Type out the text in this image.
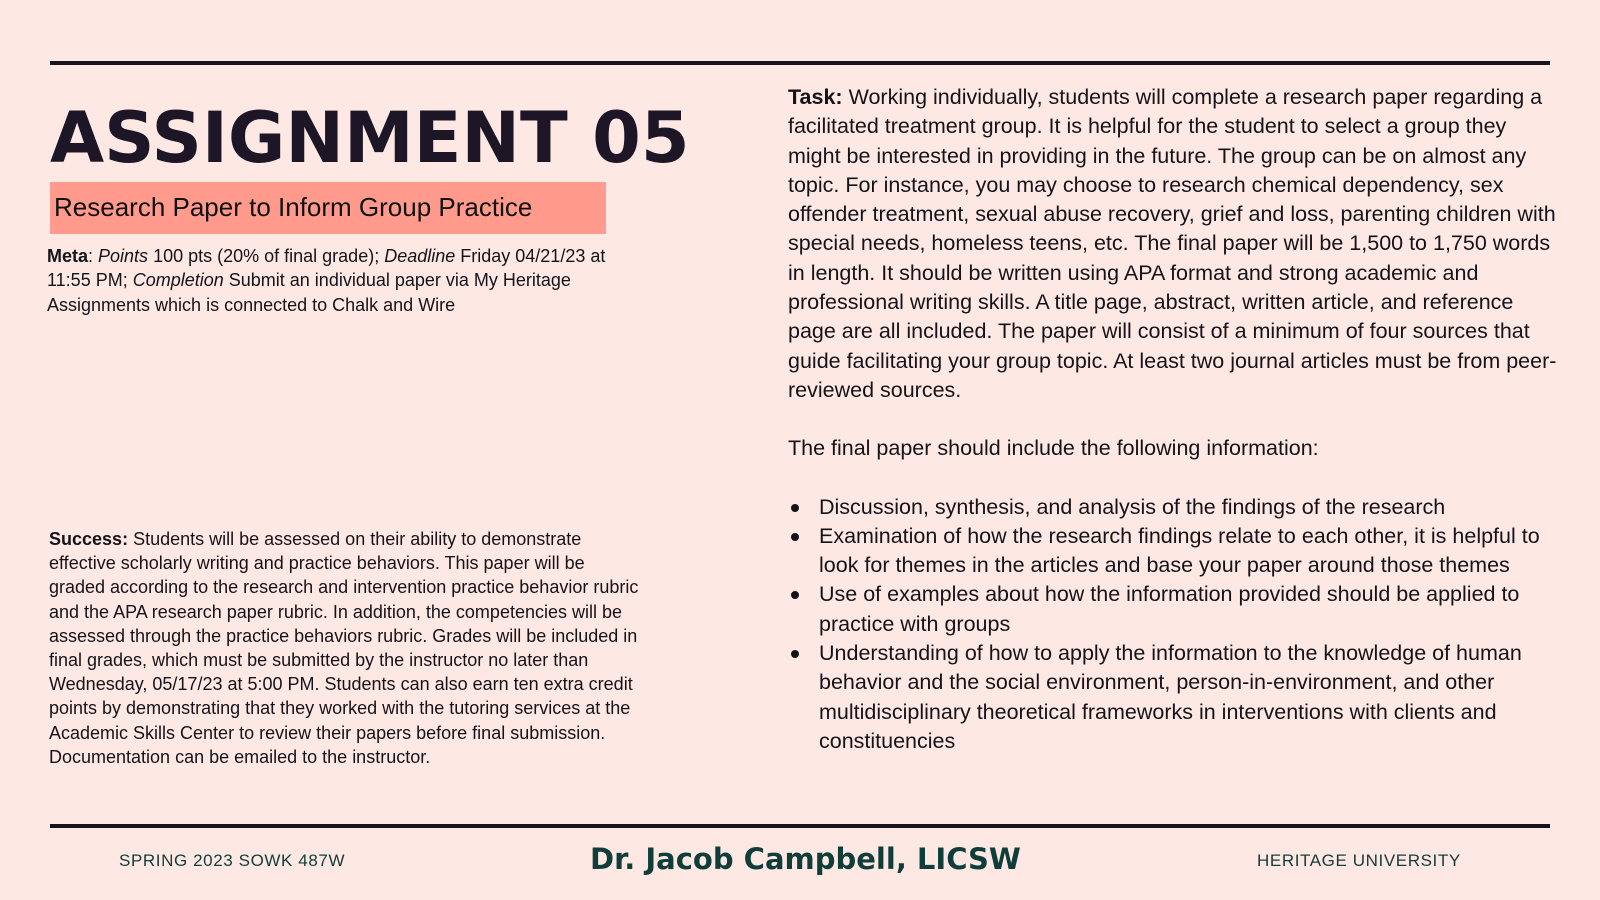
ASSIGNMENT 05
Research Paper to Inform Group Practice
Meta: Points 100 pts (20% of final grade); Deadline Friday 04/21/23 at 11:55 PM; Completion Submit an individual paper via My Heritage Assignments which is connected to Chalk and Wire
Success: Students will be assessed on their ability to demonstrate effective scholarly writing and practice behaviors. This paper will be graded according to the research and intervention practice behavior rubric and the APA research paper rubric. In addition, the competencies will be assessed through the practice behaviors rubric. Grades will be included in final grades, which must be submitted by the instructor no later than Wednesday, 05/17/23 at 5:00 PM. Students can also earn ten extra credit points by demonstrating that they worked with the tutoring services at the Academic Skills Center to review their papers before final submission. Documentation can be emailed to the instructor.

Task: Working individually, students will complete a research paper regarding a facilitated treatment group. It is helpful for the student to select a group they might be interested in providing in the future. The group can be on almost any topic. For instance, you may choose to research chemical dependency, sex offender treatment, sexual abuse recovery, grief and loss, parenting children with special needs, homeless teens, etc. The final paper will be 1,500 to 1,750 words in length. It should be written using APA format and strong academic and professional writing skills. A title page, abstract, written article, and reference page are all included. The paper will consist of a minimum of four sources that guide facilitating your group topic. At least two journal articles must be from peer-reviewed sources.

The final paper should include the following information:

Discussion, synthesis, and analysis of the findings of the research
Examination of how the research findings relate to each other, it is helpful to look for themes in the articles and base your paper around those themes
Use of examples about how the information provided should be applied to practice with groups
Understanding of how to apply the information to the knowledge of human behavior and the social environment, person-in-environment, and other multidisciplinary theoretical frameworks in interventions with clients and constituencies
SPRING 2023 SOWK 487W	Dr. Jacob Campbell, LICSW	HERITAGE UNIVERSITY
